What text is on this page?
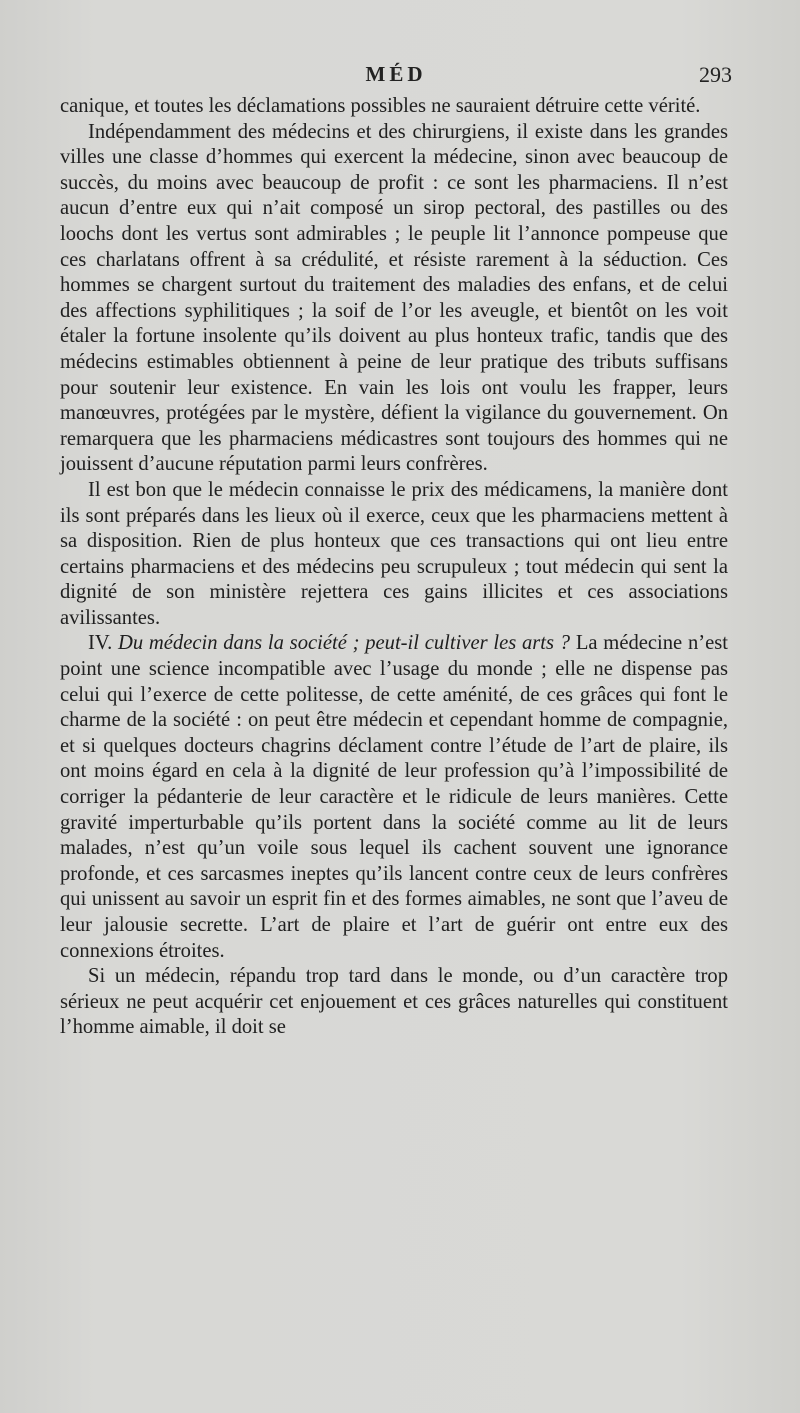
MÉD	293

canique, et toutes les déclamations possibles ne sauraient détruire cette vérité.

Indépendamment des médecins et des chirurgiens, il existe dans les grandes villes une classe d’hommes qui exercent la médecine, sinon avec beaucoup de succès, du moins avec beaucoup de profit : ce sont les pharmaciens. Il n’est aucun d’entre eux qui n’ait composé un sirop pectoral, des pastilles ou des loochs dont les vertus sont admirables ; le peuple lit l’annonce pompeuse que ces charlatans offrent à sa crédulité, et résiste rarement à la séduction. Ces hommes se chargent surtout du traitement des maladies des enfans, et de celui des affections syphilitiques ; la soif de l’or les aveugle, et bientôt on les voit étaler la fortune insolente qu’ils doivent au plus honteux trafic, tandis que des médecins estimables obtiennent à peine de leur pratique des tributs suffisans pour soutenir leur existence. En vain les lois ont voulu les frapper, leurs manœuvres, protégées par le mystère, défient la vigilance du gouvernement. On remarquera que les pharmaciens médicastres sont toujours des hommes qui ne jouissent d’aucune réputation parmi leurs confrères.

Il est bon que le médecin connaisse le prix des médicamens, la manière dont ils sont préparés dans les lieux où il exerce, ceux que les pharmaciens mettent à sa disposition. Rien de plus honteux que ces transactions qui ont lieu entre certains pharmaciens et des médecins peu scrupuleux ; tout médecin qui sent la dignité de son ministère rejettera ces gains illicites et ces associations avilissantes.

IV. Du médecin dans la société ; peut-il cultiver les arts ? La médecine n’est point une science incompatible avec l’usage du monde ; elle ne dispense pas celui qui l’exerce de cette politesse, de cette aménité, de ces grâces qui font le charme de la société : on peut être médecin et cependant homme de compagnie, et si quelques docteurs chagrins déclament contre l’étude de l’art de plaire, ils ont moins égard en cela à la dignité de leur profession qu’à l’impossibilité de corriger la pédanterie de leur caractère et le ridicule de leurs manières. Cette gravité imperturbable qu’ils portent dans la société comme au lit de leurs malades, n’est qu’un voile sous lequel ils cachent souvent une ignorance profonde, et ces sarcasmes ineptes qu’ils lancent contre ceux de leurs confrères qui unissent au savoir un esprit fin et des formes aimables, ne sont que l’aveu de leur jalousie secrette. L’art de plaire et l’art de guérir ont entre eux des connexions étroites.

Si un médecin, répandu trop tard dans le monde, ou d’un caractère trop sérieux ne peut acquérir cet enjouement et ces grâces naturelles qui constituent l’homme aimable, il doit se
